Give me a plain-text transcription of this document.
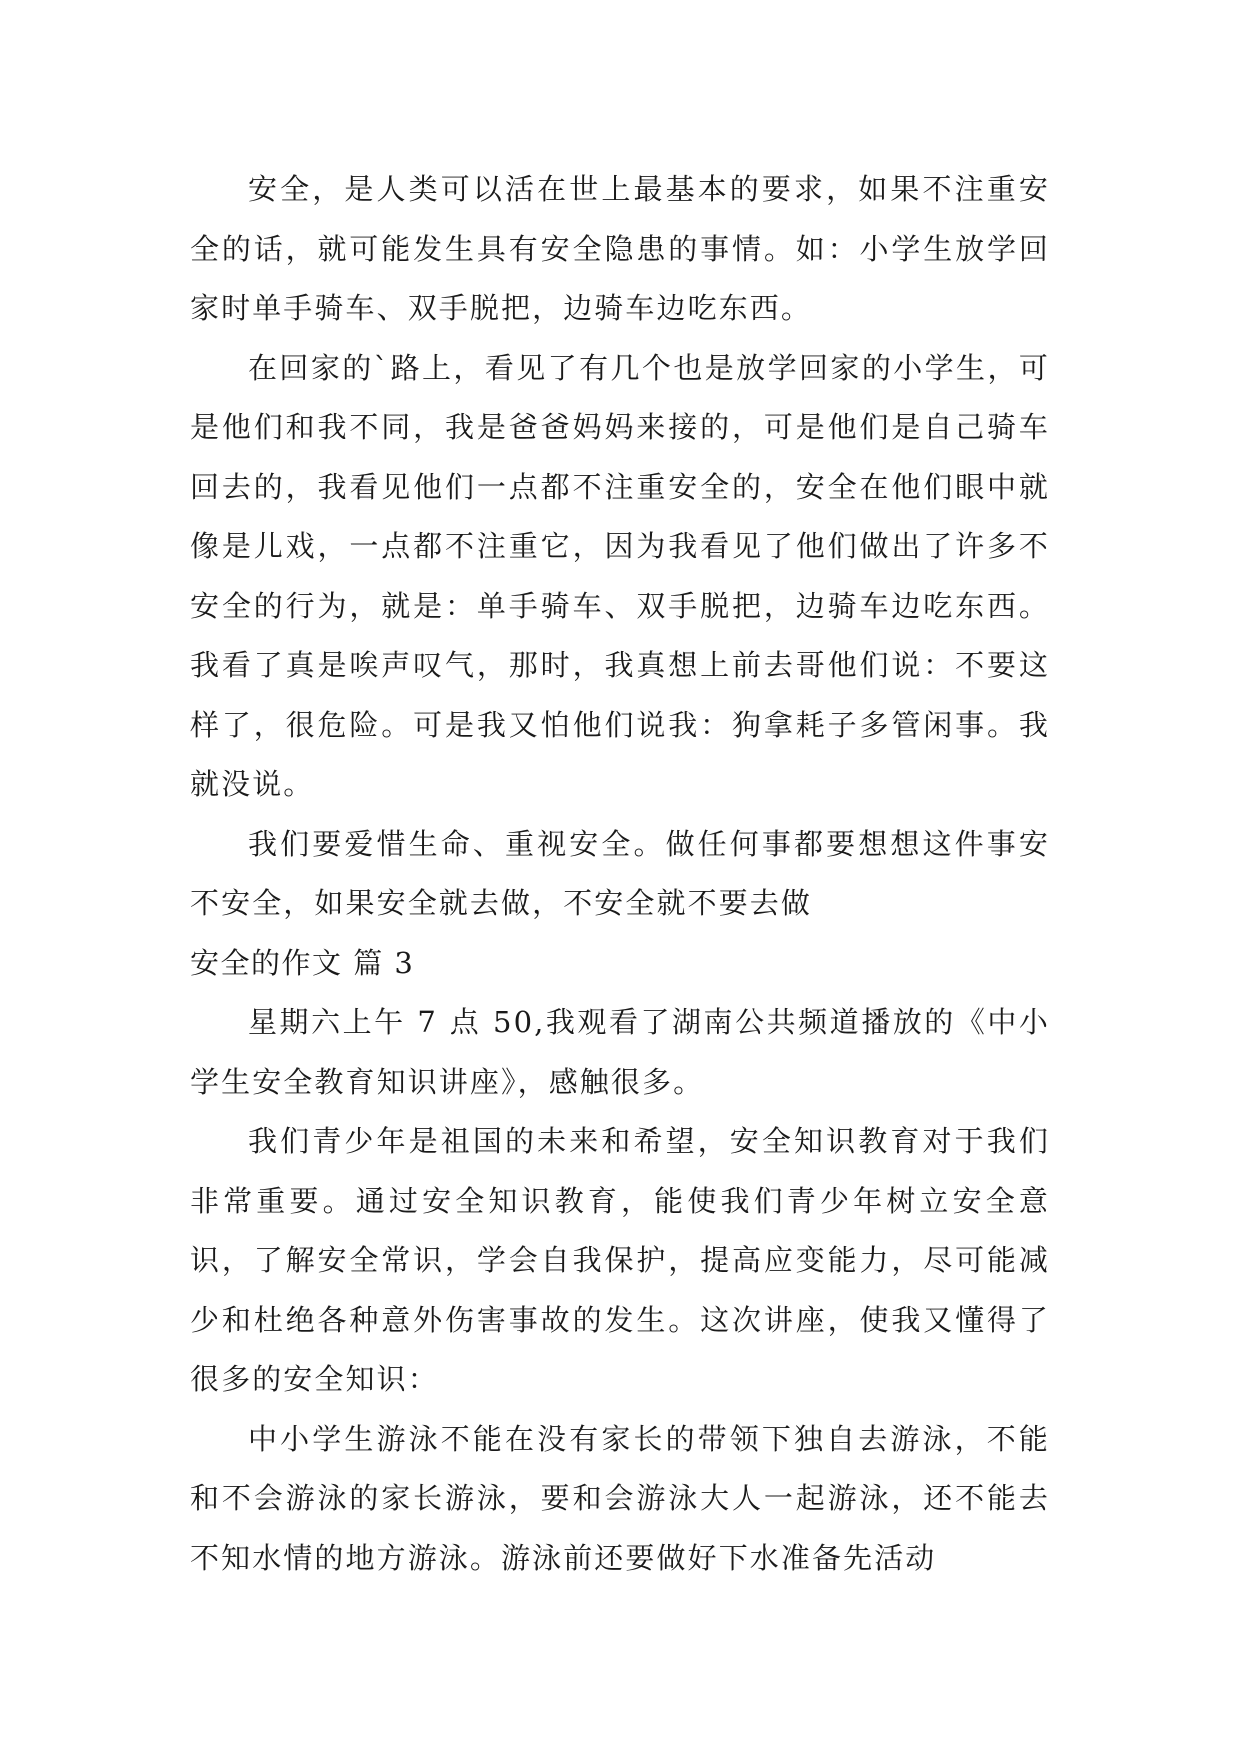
安全，是人类可以活在世上最基本的要求，如果不注重安全的话，就可能发生具有安全隐患的事情。如：小学生放学回家时单手骑车、双手脱把，边骑车边吃东西。

在回家的`路上，看见了有几个也是放学回家的小学生，可是他们和我不同，我是爸爸妈妈来接的，可是他们是自己骑车回去的，我看见他们一点都不注重安全的，安全在他们眼中就像是儿戏，一点都不注重它，因为我看见了他们做出了许多不安全的行为，就是：单手骑车、双手脱把，边骑车边吃东西。我看了真是唉声叹气，那时，我真想上前去哥他们说：不要这样了，很危险。可是我又怕他们说我：狗拿耗子多管闲事。我就没说。

我们要爱惜生命、重视安全。做任何事都要想想这件事安不安全，如果安全就去做，不安全就不要去做

安全的作文 篇 3

星期六上午 7 点 50,我观看了湖南公共频道播放的《中小学生安全教育知识讲座》，感触很多。

我们青少年是祖国的未来和希望，安全知识教育对于我们非常重要。通过安全知识教育，能使我们青少年树立安全意识，了解安全常识，学会自我保护，提高应变能力，尽可能减少和杜绝各种意外伤害事故的发生。这次讲座，使我又懂得了很多的安全知识：

中小学生游泳不能在没有家长的带领下独自去游泳，不能和不会游泳的家长游泳，要和会游泳大人一起游泳，还不能去不知水情的地方游泳。游泳前还要做好下水准备先活动
